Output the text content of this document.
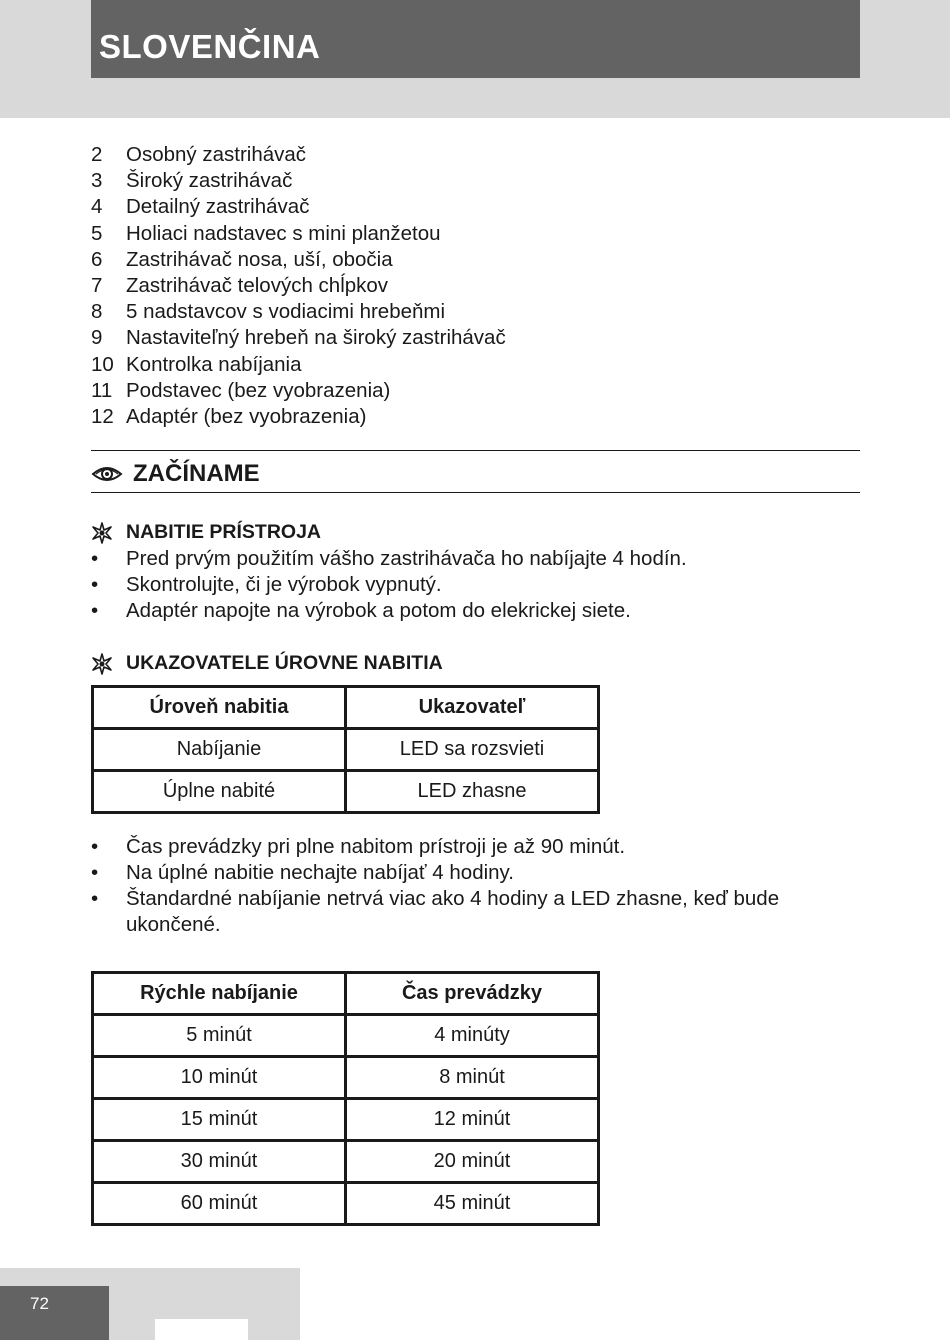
SLOVENČINA
2	Osobný zastrihávač
3	Široký zastrihávač
4	Detailný zastrihávač
5	Holiaci nadstavec s mini planžetou
6	Zastrihávač nosa, uší, obočia
7	Zastrihávač telových chĺpkov
8	5 nadstavcov s vodiacimi hrebeňmi
9	Nastaviteľný hrebeň na široký zastrihávač
10 Kontrolka nabíjania
11 Podstavec (bez vyobrazenia)
12 Adaptér (bez vyobrazenia)
ZAČÍNAME
NABITIE PRÍSTROJA
• Pred prvým použitím vášho zastrihávača ho nabíjajte 4 hodín.
• Skontrolujte, či je výrobok vypnutý.
• Adaptér napojte na výrobok a potom do elekrickej siete.
UKAZOVATELE ÚROVNE NABITIA
Úroveň nabitia	Ukazovateľ
Nabíjanie	LED sa rozsvieti
Úplne nabité	LED zhasne
• Čas prevádzky pri plne nabitom prístroji je až 90 minút.
• Na úplné nabitie nechajte nabíjať 4 hodiny.
• Štandardné nabíjanie netrvá viac ako 4 hodiny a LED zhasne, keď bude ukončené.
Rýchle nabíjanie	Čas prevádzky
5 minút	4 minúty
10 minút	8 minút
15 minút	12 minút
30 minút	20 minút
60 minút	45 minút
72
